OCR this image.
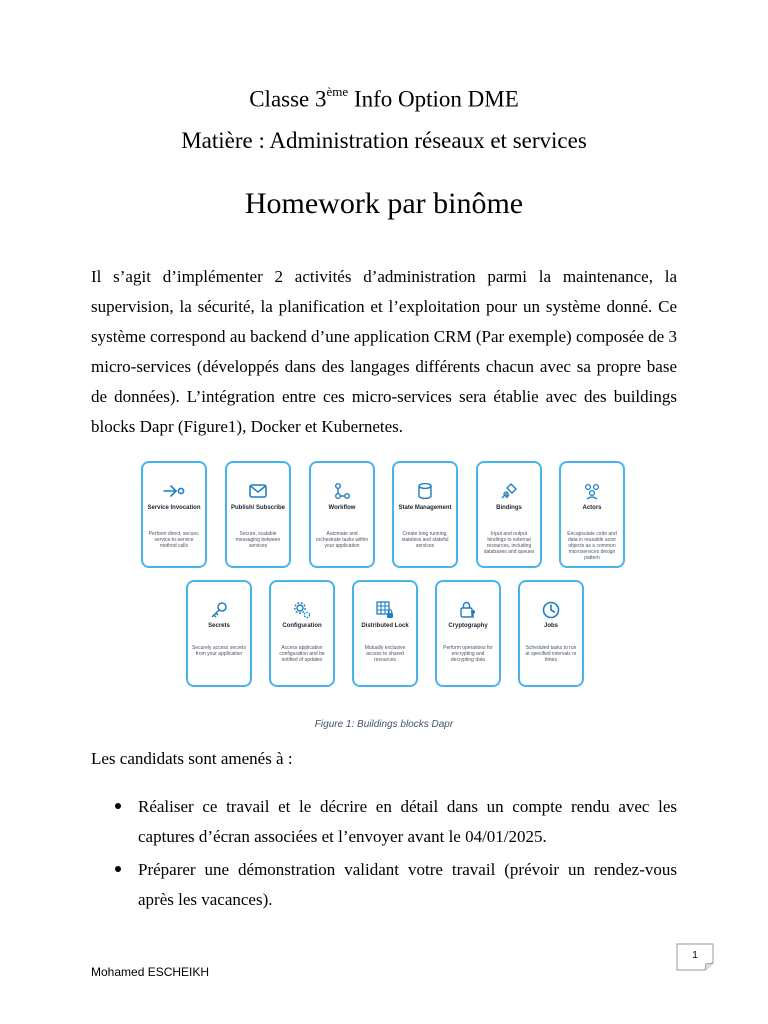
Classe 3ème Info Option DME
Matière : Administration réseaux et services
Homework par binôme
Il s’agit d’implémenter 2 activités d’administration parmi la maintenance, la supervision, la sécurité, la planification et l’exploitation pour un système donné. Ce système correspond au backend d’une application CRM (Par exemple) composée de 3 micro-services (développés dans des langages différents chacun avec sa propre base de données). L’intégration entre ces micro-services sera établie avec des buildings blocks Dapr (Figure1), Docker et Kubernetes.
Service Invocation
Perform direct, secure, service-to-service method calls
Publish/ Subscribe
Secure, scalable messaging between services
Workflow
Automate and orchestrate tasks within your application
State Management
Create long running, stateless and stateful services
Bindings
Input and output bindings to external resources, including databases and queues
Actors
Encapsulate code and data in reusable actor objects as a common microservices design pattern
Secrets
Securely access secrets from your application
Configuration
Access application configuration and be notified of updates
Distributed Lock
Mutually exclusive access to shared resources
Cryptography
Perform operations for encrypting and decrypting data
Jobs
Scheduled tasks to run at specified intervals or times
Figure 1: Buildings blocks Dapr
Les candidats sont amenés à :
Réaliser ce travail et le décrire en détail dans un compte rendu avec les captures d’écran associées et l’envoyer avant le 04/01/2025.
Préparer une démonstration validant votre travail (prévoir un rendez-vous après les vacances).
1
Mohamed ESCHEIKH
